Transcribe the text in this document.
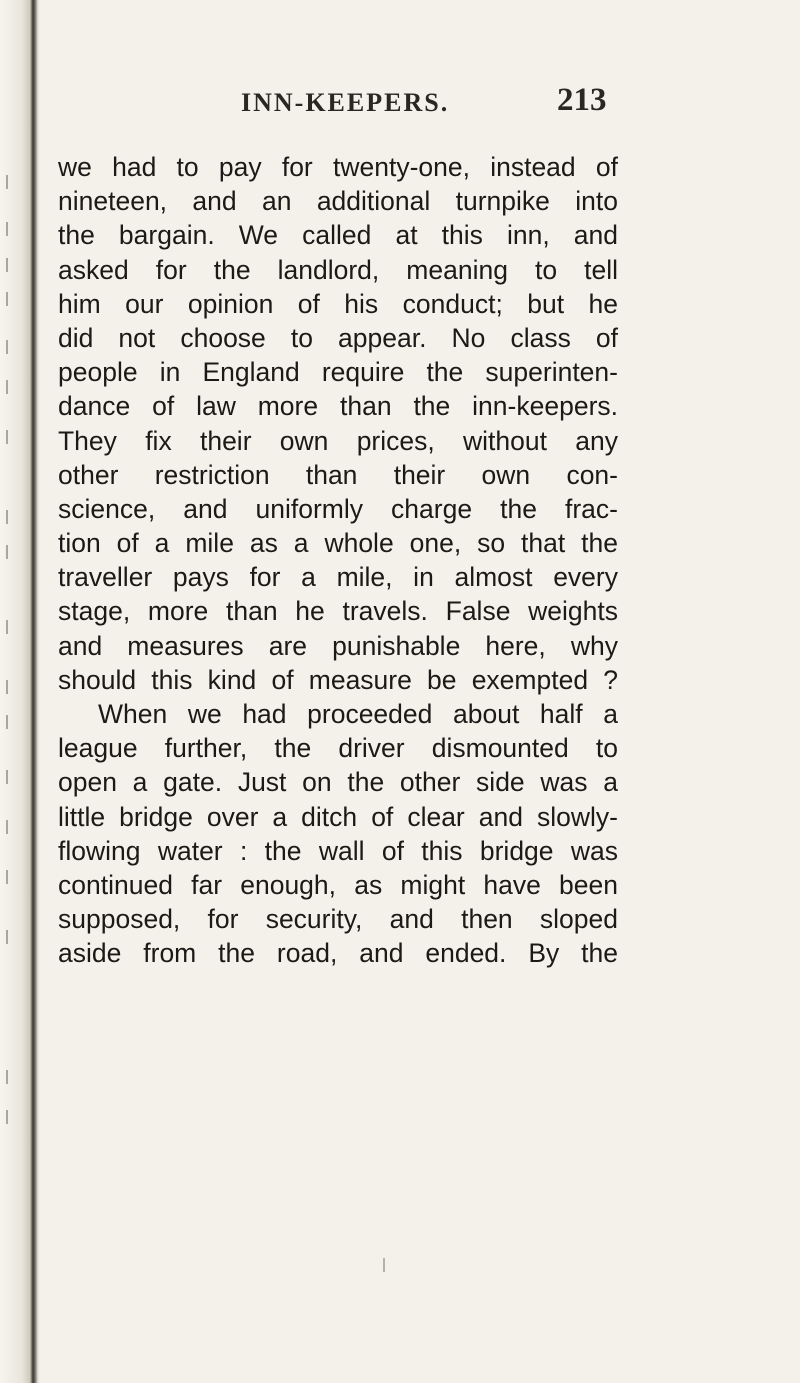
INN-KEEPERS.	213
we had to pay for twenty-one, instead of
nineteen, and an additional turnpike into
the bargain. We called at this inn, and
asked for the landlord, meaning to tell
him our opinion of his conduct; but he
did not choose to appear. No class of
people in England require the superinten-
dance of law more than the inn-keepers.
They fix their own prices, without any
other restriction than their own con-
science, and uniformly charge the frac-
tion of a mile as a whole one, so that the
traveller pays for a mile, in almost every
stage, more than he travels. False weights
and measures are punishable here, why
should this kind of measure be exempted ?
When we had proceeded about half a
league further, the driver dismounted to
open a gate. Just on the other side was a
little bridge over a ditch of clear and slowly-
flowing water : the wall of this bridge was
continued far enough, as might have been
supposed, for security, and then sloped
aside from the road, and ended. By the
